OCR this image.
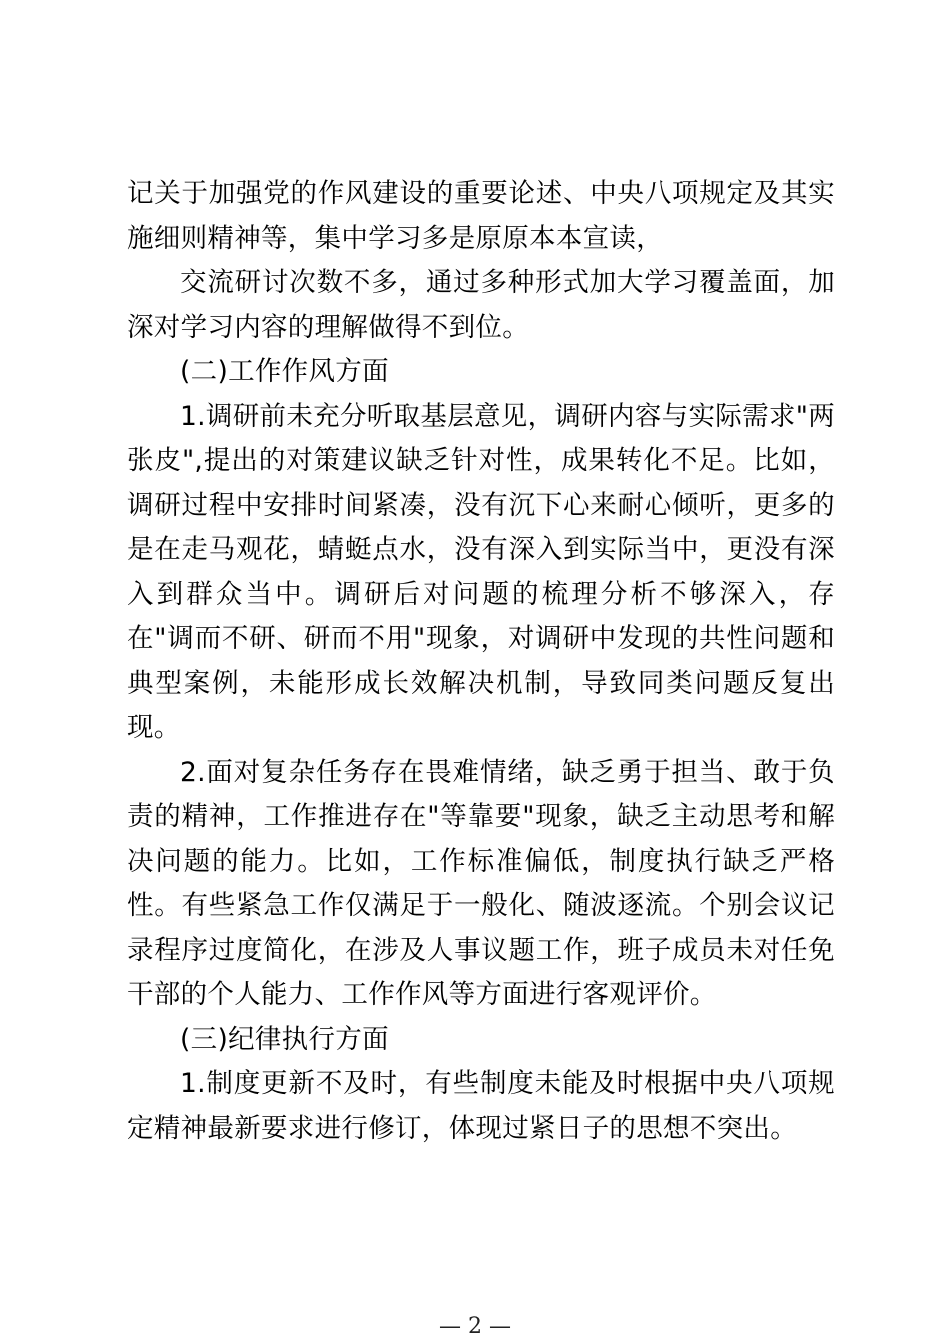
记关于加强党的作风建设的重要论述、中央八项规定及其实施细则精神等，集中学习多是原原本本宣读，

交流研讨次数不多，通过多种形式加大学习覆盖面，加深对学习内容的理解做得不到位。

(二)工作作风方面

1.调研前未充分听取基层意见，调研内容与实际需求"两张皮",提出的对策建议缺乏针对性，成果转化不足。比如，调研过程中安排时间紧凑，没有沉下心来耐心倾听，更多的是在走马观花，蜻蜓点水，没有深入到实际当中，更没有深入到群众当中。调研后对问题的梳理分析不够深入，存在"调而不研、研而不用"现象，对调研中发现的共性问题和典型案例，未能形成长效解决机制，导致同类问题反复出现。

2.面对复杂任务存在畏难情绪，缺乏勇于担当、敢于负责的精神，工作推进存在"等靠要"现象，缺乏主动思考和解决问题的能力。比如，工作标准偏低，制度执行缺乏严格性。有些紧急工作仅满足于一般化、随波逐流。个别会议记录程序过度简化，在涉及人事议题工作，班子成员未对任免干部的个人能力、工作作风等方面进行客观评价。

(三)纪律执行方面

1.制度更新不及时，有些制度未能及时根据中央八项规定精神最新要求进行修订，体现过紧日子的思想不突出。

— 2 —
